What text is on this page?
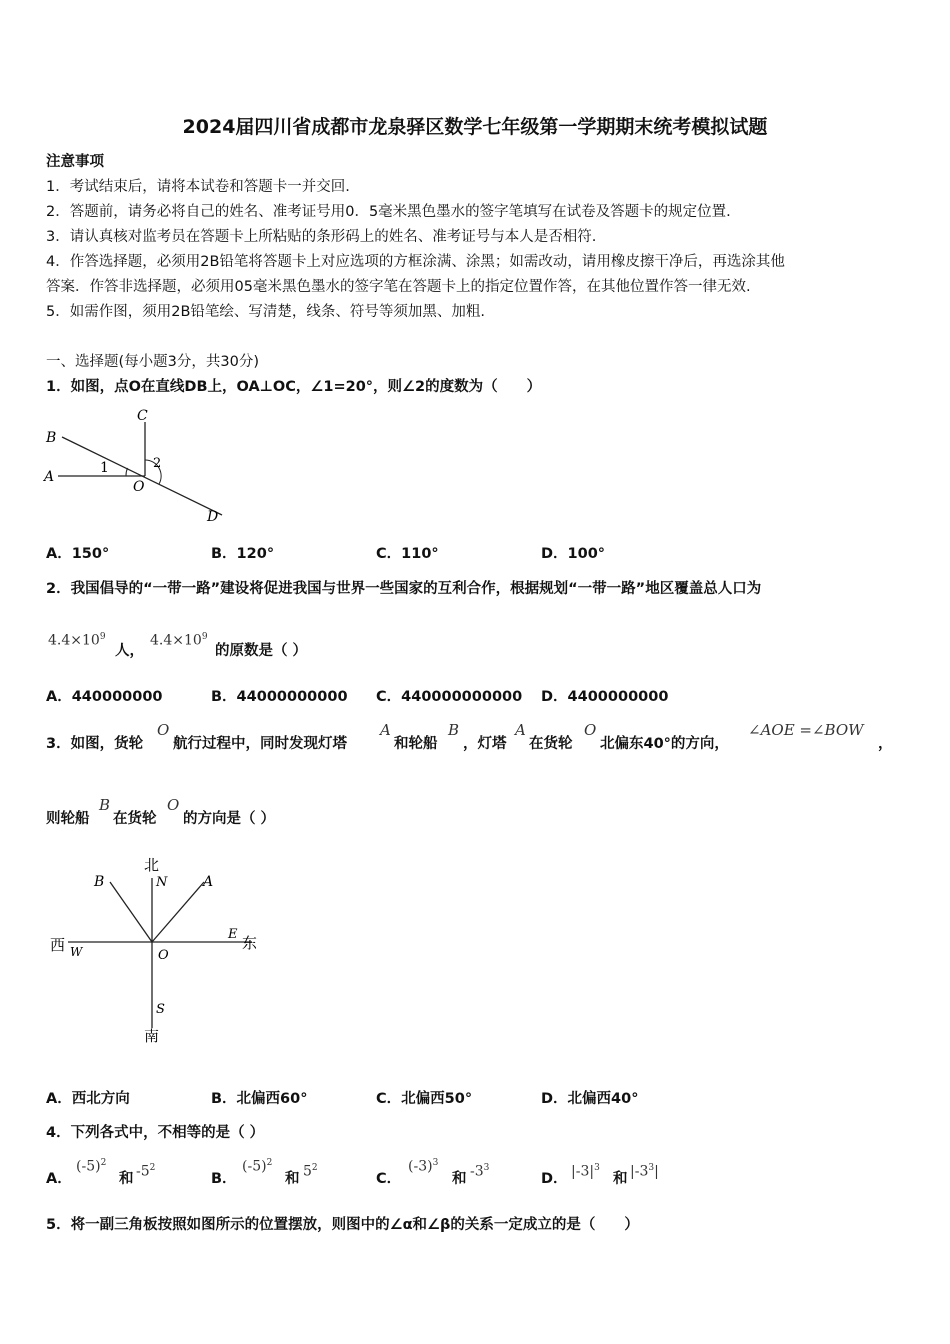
2024届四川省成都市龙泉驿区数学七年级第一学期期末统考模拟试题
注意事项
1．考试结束后，请将本试卷和答题卡一并交回.
2．答题前，请务必将自己的姓名、准考证号用0．5毫米黑色墨水的签字笔填写在试卷及答题卡的规定位置.
3．请认真核对监考员在答题卡上所粘贴的条形码上的姓名、准考证号与本人是否相符.
4．作答选择题，必须用2B铅笔将答题卡上对应选项的方框涂满、涂黑；如需改动，请用橡皮擦干净后，再选涂其他
答案．作答非选择题，必须用05毫米黑色墨水的签字笔在答题卡上的指定位置作答，在其他位置作答一律无效.
5．如需作图，须用2B铅笔绘、写清楚，线条、符号等须加黑、加粗.
一、选择题(每小题3分，共30分)
1．如图，点O在直线DB上，OA⊥OC，∠1=20°，则∠2的度数为（　　）
B
C
A
O
D
1	2
A．150°	B．120°	C．110°	D．100°
2．我国倡导的“一带一路”建设将促进我国与世界一些国家的互利合作，根据规划“一带一路”地区覆盖总人口为
$4.4\times 10^9$
人，
$4.4\times 10^9$
的原数是（ ）
A．440000000	B．44000000000 C．440000000000 D．4400000000
3．如图，货轮
O
航行过程中，同时发现灯塔
A
和轮船
B
，灯塔
A
在货轮
O
北偏东40°的方向，
∠AOE =∠BOW
，
则轮船
B
在货轮
O
的方向是（ ）
北
N
B	A
西 W
E 东
O
S
南
A．西北方向	B．北偏西60°	C．北偏西50°	D．北偏西40°
4．下列各式中，不相等的是（ ）
A．
$(-5)^2$
和 $-5^2$
B．
$(-5)^2$
和 $5^2$
C．
$(-3)^3$
和 $-3^3$
D． $|-3|^3$
和 $|-3^3|$
5．将一副三角板按照如图所示的位置摆放，则图中的∠α和∠β的关系一定成立的是（　　）
